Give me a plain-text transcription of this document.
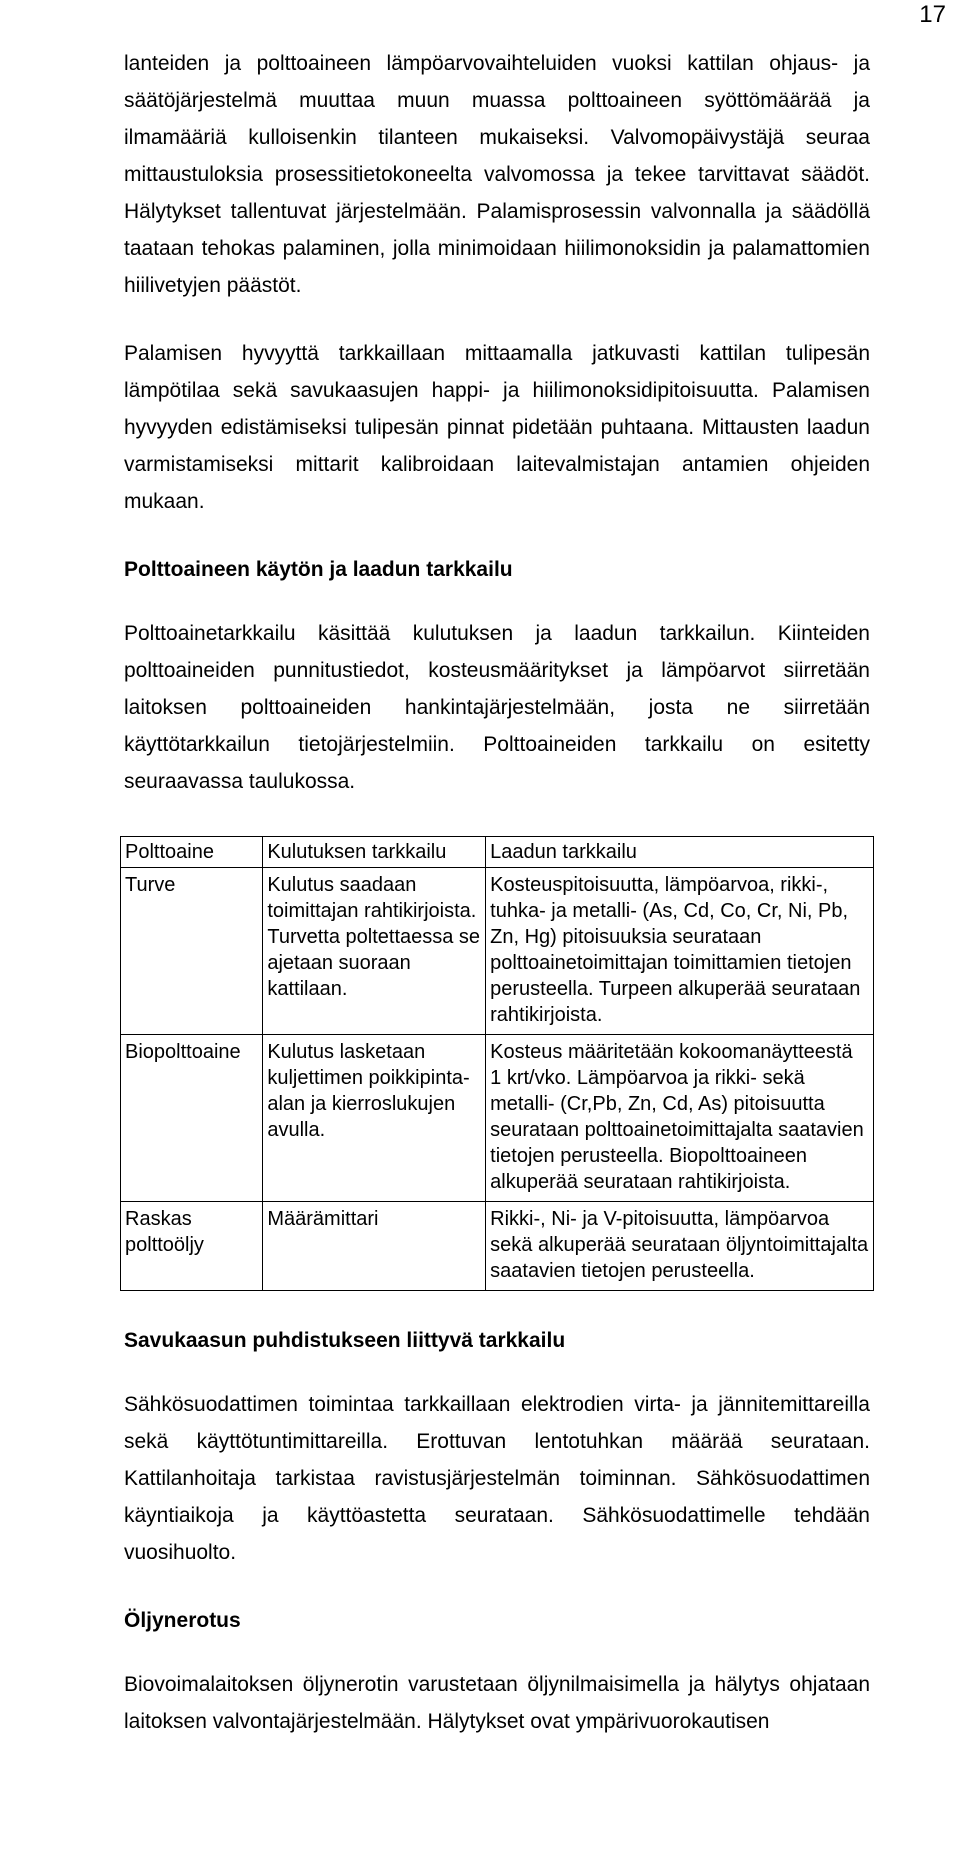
17

lanteiden ja polttoaineen lämpöarvovaihteluiden vuoksi kattilan ohjaus- ja säätöjärjestelmä muuttaa muun muassa polttoaineen syöttömäärää ja ilmamääriä kulloisenkin tilanteen mukaiseksi. Valvomopäivystäjä seuraa mittaustuloksia prosessitietokoneelta valvomossa ja tekee tarvittavat säädöt. Hälytykset tallentuvat järjestelmään. Palamisprosessin valvonnalla ja säädöllä taataan tehokas palaminen, jolla minimoidaan hiilimonoksidin ja palamattomien hiilivetyjen päästöt.

Palamisen hyvyyttä tarkkaillaan mittaamalla jatkuvasti kattilan tulipesän lämpötilaa sekä savukaasujen happi- ja hiilimonoksidipitoisuutta. Palamisen hyvyyden edistämiseksi tulipesän pinnat pidetään puhtaana. Mittausten laadun varmistamiseksi mittarit kalibroidaan laitevalmistajan antamien ohjeiden mukaan.

Polttoaineen käytön ja laadun tarkkailu

Polttoainetarkkailu käsittää kulutuksen ja laadun tarkkailun. Kiinteiden polttoaineiden punnitustiedot, kosteusmääritykset ja lämpöarvot siirretään laitoksen polttoaineiden hankintajärjestelmään, josta ne siirretään käyttötarkkailun tietojärjestelmiin. Polttoaineiden tarkkailu on esitetty seuraavassa taulukossa.

Polttoaine	Kulutuksen tarkkailu	Laadun tarkkailu
Turve	Kulutus saadaan toimittajan rahtikirjoista. Turvetta poltettaessa se ajetaan suoraan kattilaan.	Kosteuspitoisuutta, lämpöarvoa, rikki-, tuhka- ja metalli- (As, Cd, Co, Cr, Ni, Pb, Zn, Hg) pitoisuuksia seurataan polttoainetoimittajan toimittamien tietojen perusteella. Turpeen alkuperää seurataan rahtikirjoista.
Biopolttoaine	Kulutus lasketaan kuljettimen poikkipinta-alan ja kierroslukujen avulla.	Kosteus määritetään kokoomanäytteestä 1 krt/vko. Lämpöarvoa ja rikki- sekä metalli- (Cr,Pb, Zn, Cd, As) pitoisuutta seurataan polttoainetoimittajalta saatavien tietojen perusteella. Biopolttoaineen alkuperää seurataan rahtikirjoista.
Raskas polttoöljy	Määrämittari	Rikki-, Ni- ja V-pitoisuutta, lämpöarvoa sekä alkuperää seurataan öljyntoimittajalta saatavien tietojen perusteella.
Savukaasun puhdistukseen liittyvä tarkkailu

Sähkösuodattimen toimintaa tarkkaillaan elektrodien virta- ja jännitemittareilla sekä käyttötuntimittareilla. Erottuvan lentotuhkan määrää seurataan. Kattilanhoitaja tarkistaa ravistusjärjestelmän toiminnan. Sähkösuodattimen käyntiaikoja ja käyttöastetta seurataan. Sähkösuodattimelle tehdään vuosihuolto.

Öljynerotus

Biovoimalaitoksen öljynerotin varustetaan öljynilmaisimella ja hälytys ohjataan laitoksen valvontajärjestelmään. Hälytykset ovat ympärivuorokautisen
